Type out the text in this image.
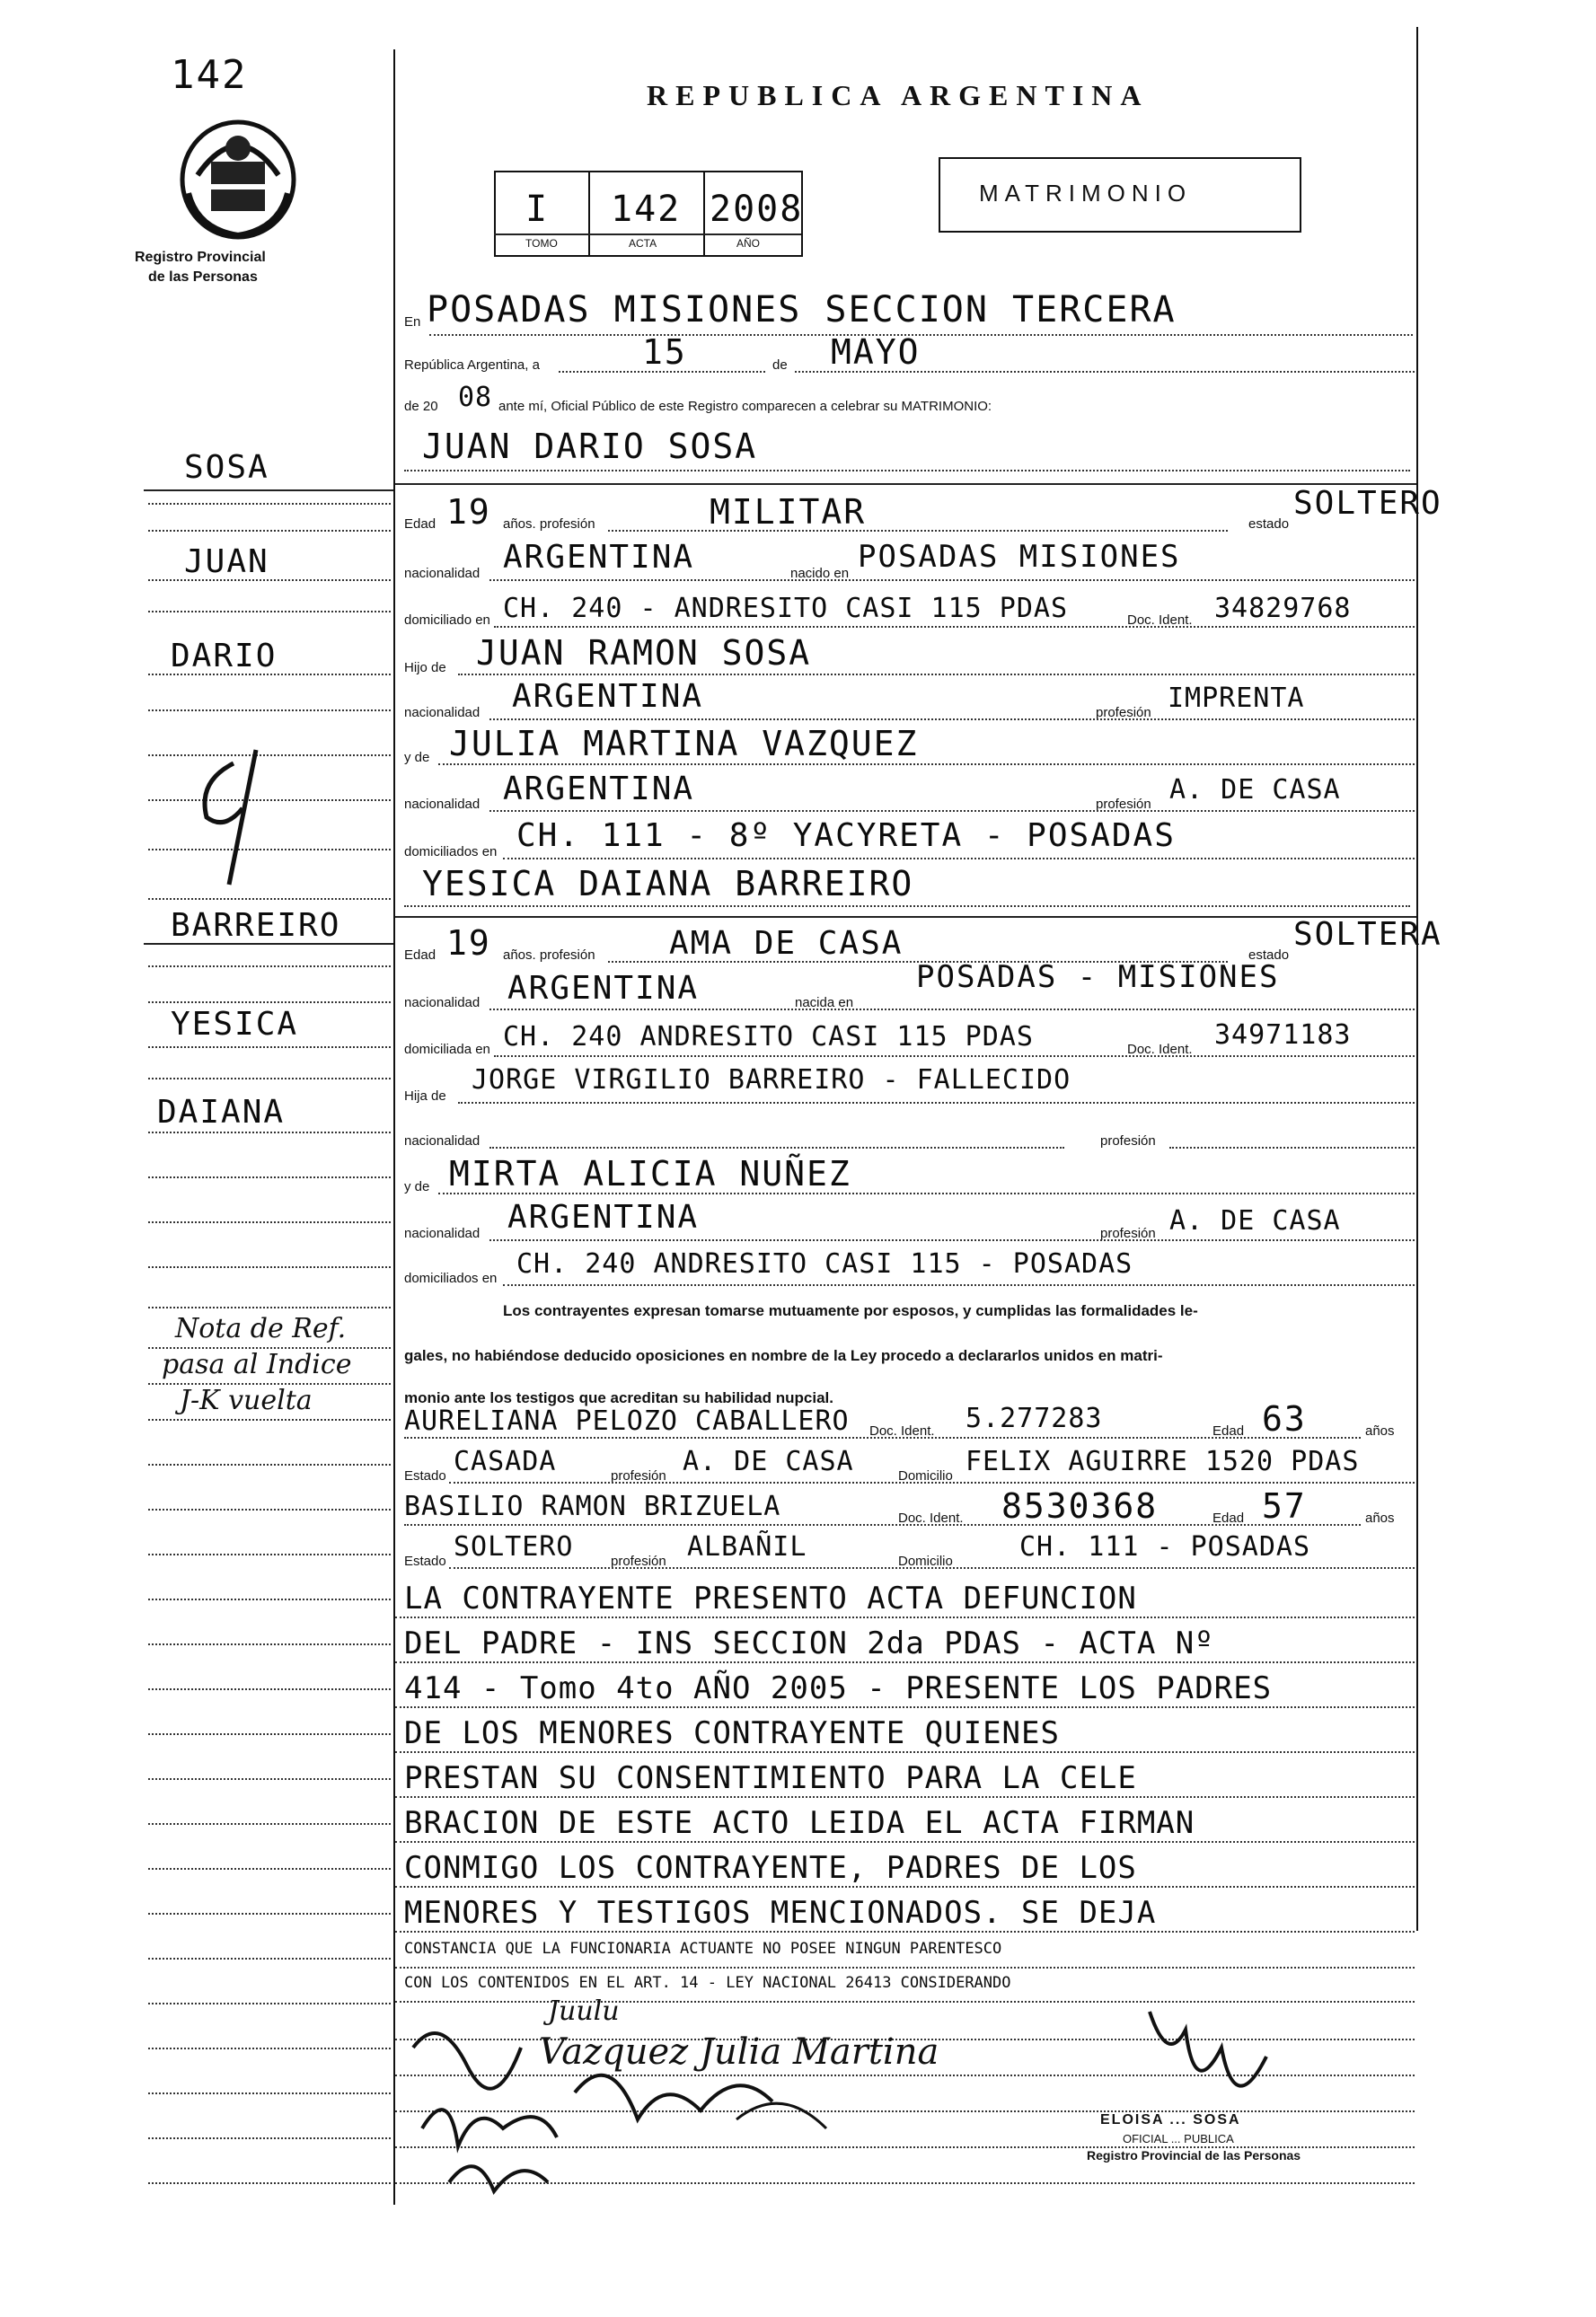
142
Registro Provincial
de las Personas
REPUBLICA ARGENTINA
I 142 2008
TOMO	ACTA	AÑO
MATRIMONIO
En POSADAS MISIONES SECCION TERCERA
República Argentina, a	15	de MAYO
de 20 08 ante mí, Oficial Público de este Registro comparecen a celebrar su MATRIMONIO:
JUAN DARIO SOSA
Edad 19 años. profesión	MILITAR	estado
SOLTERO
nacionalidad ARGENTINA	nacido en POSADAS MISIONES
domiciliado en CH. 240 - ANDRESITO CASI 115 PDAS	Doc. Ident. 34829768
Hijo de JUAN RAMON SOSA
nacionalidad ARGENTINA	profesión IMPRENTA
y de JULIA MARTINA VAZQUEZ
nacionalidad ARGENTINA	profesión A. DE CASA
domiciliados en CH. 111 - 8º YACYRETA - POSADAS
YESICA DAIANA BARREIRO
Edad 19 años. profesión AMA DE CASA	estado
SOLTERA
nacionalidad ARGENTINA	nacida en
POSADAS - MISIONES
domiciliada en CH. 240 ANDRESITO CASI 115 PDAS	Doc. Ident. 34971183
Hija de
JORGE VIRGILIO BARREIRO - FALLECIDO
nacionalidad	profesión
y de MIRTA ALICIA NUÑEZ
nacionalidad ARGENTINA	profesión A. DE CASA
domiciliados en CH. 240 ANDRESITO CASI 115 - POSADAS
Los contrayentes expresan tomarse mutuamente por esposos, y cumplidas las formalidades le-
gales, no habiéndose deducido oposiciones en nombre de la Ley procedo a declararlos unidos en matri-
monio ante los testigos que acreditan su habilidad nupcial.
AURELIANA PELOZO CABALLERO Doc. Ident. 5.277283	Edad 63	años
Estado CASADA	profesión A. DE CASA	Domicilio FELIX AGUIRRE 1520 PDAS
BASILIO RAMON BRIZUELA	Doc. Ident. 8530368	Edad 57	años
Estado SOLTERO	profesión ALBAÑIL	Domicilio CH. 111 - POSADAS
LA CONTRAYENTE PRESENTO ACTA DEFUNCION
DEL PADRE - INS SECCION 2da PDAS - ACTA Nº
414 - Tomo 4to AÑO 2005 - PRESENTE LOS PADRES
DE LOS MENORES CONTRAYENTE QUIENES
PRESTAN SU CONSENTIMIENTO PARA LA CELE
BRACION DE ESTE ACTO LEIDA EL ACTA FIRMAN
CONMIGO LOS CONTRAYENTE, PADRES DE LOS
MENORES Y TESTIGOS MENCIONADOS. SE DEJA
CONSTANCIA QUE LA FUNCIONARIA ACTUANTE NO POSEE NINGUN PARENTESCO
CON LOS CONTENIDOS EN EL ART. 14 - LEY NACIONAL 26413 CONSIDERANDO
Juulu
Vazquez Julia Martina
ELOISA ... SOSA
OFICIAL ... PUBLICA
Registro Provincial de las Personas
SOSA
JUAN
DARIO
BARREIRO
YESICA
DAIANA
Nota de Ref.
pasa al Indice
J-K vuelta
